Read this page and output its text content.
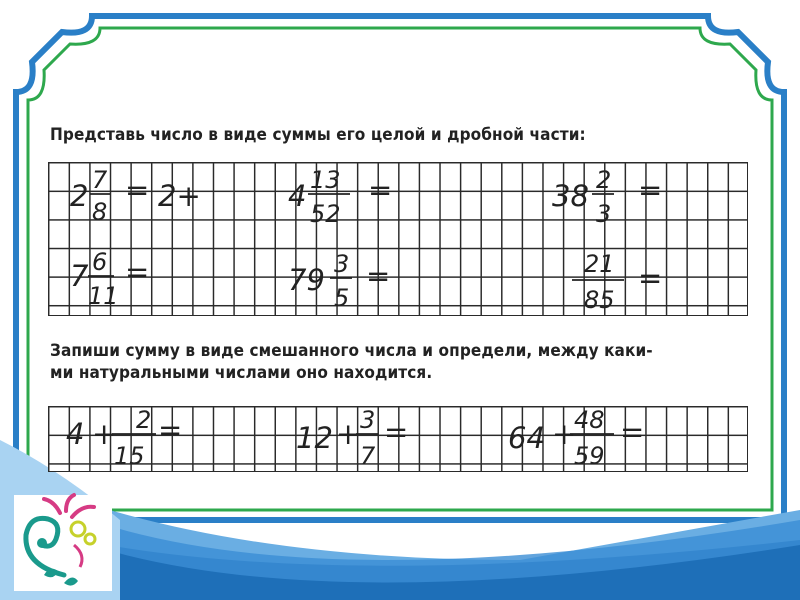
Представь число в виде суммы его целой и дробной части:

Запиши сумму в виде смешанного числа и определи, между каки-
ми натуральными числами оно находится.

2 7
8
= 2+	4 13
52
=	38 2
3
=
7 6
11
=	79 3
5
=	21
85
=
4 + 2
15
=	12 + 3
7
=	64 +
48
59
=
